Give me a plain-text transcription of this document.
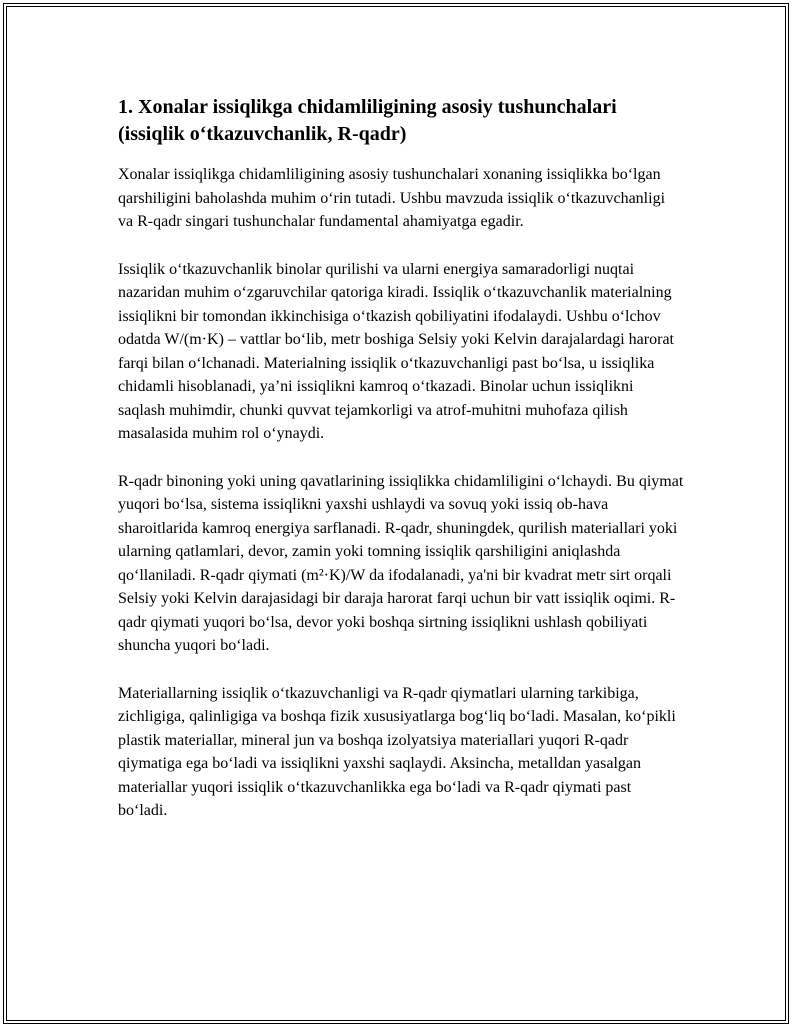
1. Xonalar issiqlikga chidamliligining asosiy tushunchalari (issiqlik o‘tkazuvchanlik, R-qadr)

Xonalar issiqlikga chidamliligining asosiy tushunchalari xonaning issiqlikka bo‘lgan qarshiligini baholashda muhim o‘rin tutadi. Ushbu mavzuda issiqlik o‘tkazuvchanligi va R-qadr singari tushunchalar fundamental ahamiyatga egadir.

Issiqlik o‘tkazuvchanlik binolar qurilishi va ularni energiya samaradorligi nuqtai nazaridan muhim o‘zgaruvchilar qatoriga kiradi. Issiqlik o‘tkazuvchanlik materialning issiqlikni bir tomondan ikkinchisiga o‘tkazish qobiliyatini ifodalaydi. Ushbu o‘lchov odatda W/(m·K) – vattlar bo‘lib, metr boshiga Selsiy yoki Kelvin darajalardagi harorat farqi bilan o‘lchanadi. Materialning issiqlik o‘tkazuvchanligi past bo‘lsa, u issiqlika chidamli hisoblanadi, ya’ni issiqlikni kamroq o‘tkazadi. Binolar uchun issiqlikni saqlash muhimdir, chunki quvvat tejamkorligi va atrof-muhitni muhofaza qilish masalasida muhim rol o‘ynaydi.

R-qadr binoning yoki uning qavatlarining issiqlikka chidamliligini o‘lchaydi. Bu qiymat yuqori bo‘lsa, sistema issiqlikni yaxshi ushlaydi va sovuq yoki issiq ob-hava sharoitlarida kamroq energiya sarflanadi. R-qadr, shuningdek, qurilish materiallari yoki ularning qatlamlari, devor, zamin yoki tomning issiqlik qarshiligini aniqlashda qo‘llaniladi. R-qadr qiymati (m²·K)/W da ifodalanadi, ya'ni bir kvadrat metr sirt orqali Selsiy yoki Kelvin darajasidagi bir daraja harorat farqi uchun bir vatt issiqlik oqimi. R-qadr qiymati yuqori bo‘lsa, devor yoki boshqa sirtning issiqlikni ushlash qobiliyati shuncha yuqori bo‘ladi.

Materiallarning issiqlik o‘tkazuvchanligi va R-qadr qiymatlari ularning tarkibiga, zichligiga, qalinligiga va boshqa fizik xususiyatlarga bog‘liq bo‘ladi. Masalan, ko‘pikli plastik materiallar, mineral jun va boshqa izolyatsiya materiallari yuqori R-qadr qiymatiga ega bo‘ladi va issiqlikni yaxshi saqlaydi. Aksincha, metalldan yasalgan materiallar yuqori issiqlik o‘tkazuvchanlikka ega bo‘ladi va R-qadr qiymati past bo‘ladi.
